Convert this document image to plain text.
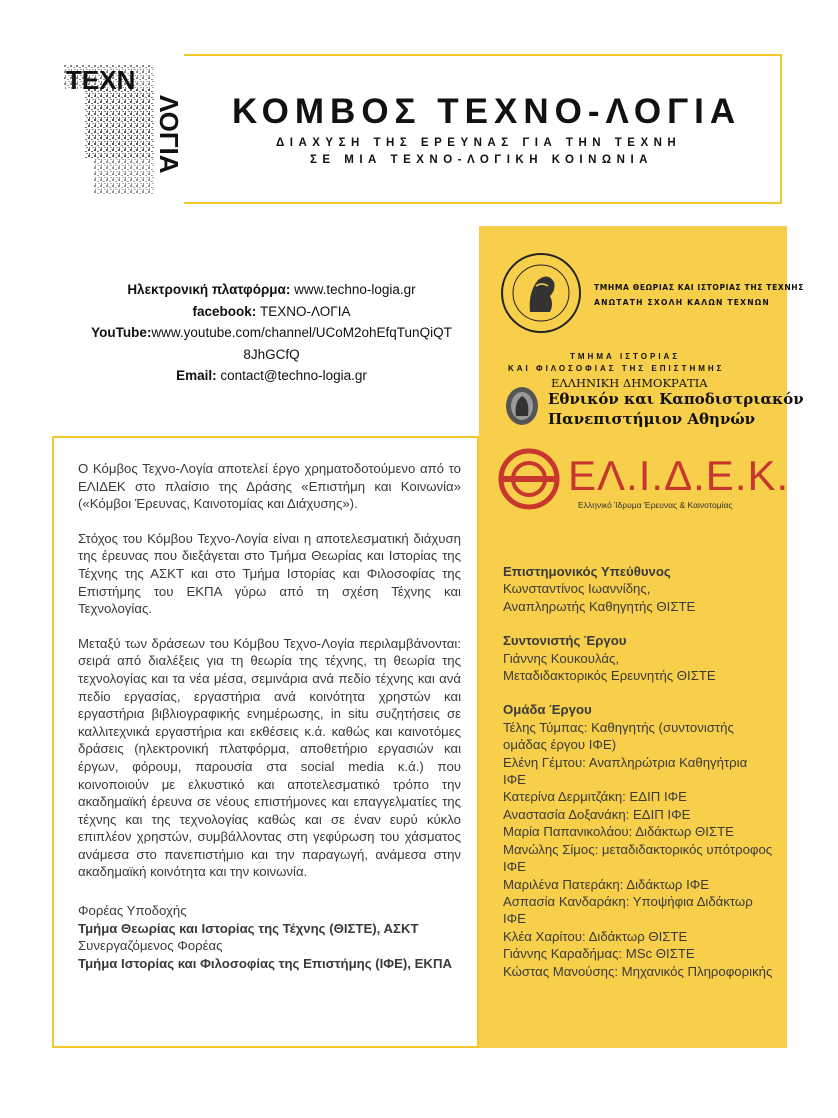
ΤΕΧΝ
ΛΟΓΙΑ ΚΟΜΒΟΣ ΤΕΧΝΟ-ΛΟΓΙΑ
ΔΙΑΧΥΣΗ ΤΗΣ ΕΡΕΥΝΑΣ ΓΙΑ ΤΗΝ ΤΕΧΝΗ
ΣΕ ΜΙΑ ΤΕΧΝΟ-ΛΟΓΙΚΗ ΚΟΙΝΩΝΙΑ
Ηλεκτρονική πλατφόρμα: www.techno-logia.gr
facebook: ΤΕΧΝΟ-ΛΟΓΙΑ
YouTube:www.youtube.com/channel/UCoM2ohEfqTunQiQT
8JhGCfQ
Email: contact@techno-logia.gr

Ο Κόμβος Τεχνο-Λογία αποτελεί έργο χρηματοδοτούμενο από το ΕΛΙΔΕΚ στο πλαίσιο της Δράσης «Επιστήμη και Κοινωνία» («Κόμβοι Έρευνας, Καινοτομίας και Διάχυσης»).

Στόχος του Κόμβου Τεχνο-Λογία είναι η αποτελεσματική διάχυση της έρευνας που διεξάγεται στο Τμήμα Θεωρίας και Ιστορίας της Τέχνης της ΑΣΚΤ και στο Τμήμα Ιστορίας και Φιλοσοφίας της Επιστήμης του ΕΚΠΑ γύρω από τη σχέση Τέχνης και Τεχνολογίας.

Μεταξύ των δράσεων του Κόμβου Τεχνο-Λογία περιλαμβάνονται: σειρά από διαλέξεις για τη θεωρία της τέχνης, τη θεωρία της τεχνολογίας και τα νέα μέσα, σεμινάρια ανά πεδίο τέχνης και ανά πεδίο εργασίας, εργαστήρια ανά κοινότητα χρηστών και εργαστήρια βιβλιογραφικής ενημέρωσης, in situ συζητήσεις σε καλλιτεχνικά εργαστήρια και εκθέσεις κ.ά. καθώς και καινοτόμες δράσεις (ηλεκτρονική πλατφόρμα, αποθετήριο εργασιών και έργων, φόρουμ, παρουσία στα social media κ.ά.) που κοινοποιούν με ελκυστικό και αποτελεσματικό τρόπο την ακαδημαϊκή έρευνα σε νέους επιστήμονες και επαγγελματίες της τέχνης και της τεχνολογίας καθώς και σε έναν ευρύ κύκλο επιπλέον χρηστών, συμβάλλοντας στη γεφύρωση του χάσματος ανάμεσα στο πανεπιστήμιο και την παραγωγή, ανάμεσα στην ακαδημαϊκή κοινότητα και την κοινωνία.

Φορέας Υποδοχής
Τμήμα Θεωρίας και Ιστορίας της Τέχνης (ΘΙΣΤΕ), ΑΣΚΤ
Συνεργαζόμενος Φορέας
Τμήμα Ιστορίας και Φιλοσοφίας της Επιστήμης (ΙΦΕ), ΕΚΠΑ
ΤΜΗΜΑ ΘΕΩΡΙΑΣ ΚΑΙ ΙΣΤΟΡΙΑΣ ΤΗΣ ΤΕΧΝΗΣ
ΑΝΩΤΑΤΗ ΣΧΟΛΗ ΚΑΛΩΝ ΤΕΧΝΩΝ
ΤΜΗΜΑ ΙΣΤΟΡΙΑΣ
ΚΑΙ ΦΙΛΟΣΟΦΙΑΣ ΤΗΣ ΕΠΙΣΤΗΜΗΣ
ΕΛΛΗΝΙΚΗ ΔΗΜΟΚΡΑΤΙΑ
Εθνικόν και Καποδιστριακόν
Πανεπιστήμιον Αθηνών
ΕΛ.Ι.Δ.Ε.Κ.
Ελληνικό Ίδρυμα Έρευνας & Καινοτομίας
Επιστημονικός Υπεύθυνος
Κωνσταντίνος Ιωαννίδης,
Αναπληρωτής Καθηγητής ΘΙΣΤΕ
Συντονιστής Έργου
Γιάννης Κουκουλάς,
Μεταδιδακτορικός Ερευνητής ΘΙΣΤΕ
Ομάδα Έργου
Τέλης Τύμπας: Καθηγητής (συντονιστής ομάδας έργου ΙΦΕ)
Ελένη Γέμτου: Αναπληρώτρια Καθηγήτρια ΙΦΕ
Κατερίνα Δερμιτζάκη: ΕΔΙΠ ΙΦΕ
Αναστασία Δοξανάκη: ΕΔΙΠ ΙΦΕ
Μαρία Παπανικολάου: Διδάκτωρ ΘΙΣΤΕ
Μανώλης Σίμος: μεταδιδακτορικός υπότροφος ΙΦΕ
Μαριλένα Πατεράκη: Διδάκτωρ ΙΦΕ
Ασπασία Κανδαράκη: Υποψήφια Διδάκτωρ ΙΦΕ
Κλέα Χαρίτου: Διδάκτωρ ΘΙΣΤΕ
Γιάννης Καραδήμας: MSc ΘΙΣΤΕ
Κώστας Μανούσης: Μηχανικός Πληροφορικής
